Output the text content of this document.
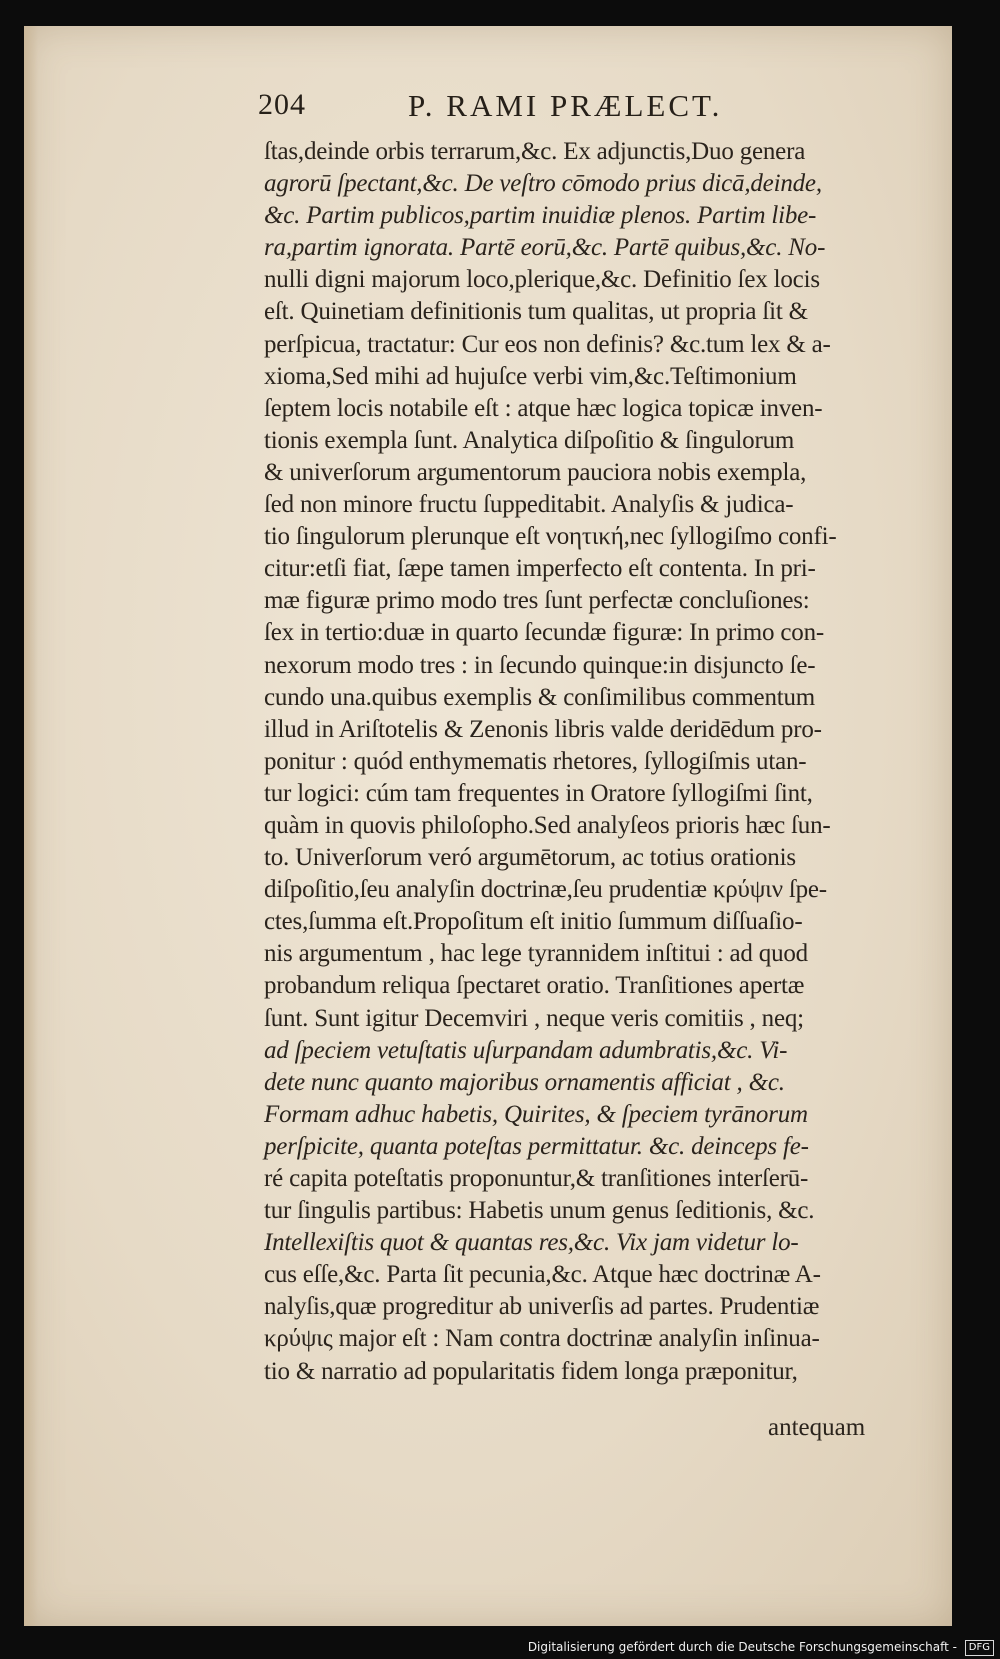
204	P. RAMI PRÆLECT.
ſtas,deinde orbis terrarum,&c. Ex adjunctis,Duo genera
agrorū ſpectant,&c. De veſtro cōmodo prius dicā,deinde,
&c. Partim publicos,partim inuidiæ plenos. Partim libe-
ra,partim ignorata. Partē eorū,&c. Partē quibus,&c. No-
nulli digni majorum loco,plerique,&c. Definitio ſex locis
eſt. Quinetiam definitionis tum qualitas, ut propria ſit &
perſpicua, tractatur: Cur eos non definis? &c.tum lex & a-
xioma,Sed mihi ad hujuſce verbi vim,&c.Teſtimonium
ſeptem locis notabile eſt : atque hæc logica topicæ inven-
tionis exempla ſunt. Analytica diſpoſitio & ſingulorum
& univerſorum argumentorum pauciora nobis exempla,
ſed non minore fructu ſuppeditabit. Analyſis & judica-
tio ſingulorum plerunque eſt νοητική,nec ſyllogiſmo confi-
citur:etſi fiat, ſæpe tamen imperfecto eſt contenta. In pri-
mæ figuræ primo modo tres ſunt perfectæ concluſiones:
ſex in tertio:duæ in quarto ſecundæ figuræ: In primo con-
nexorum modo tres : in ſecundo quinque:in disjuncto ſe-
cundo una.quibus exemplis & conſimilibus commentum
illud in Ariſtotelis & Zenonis libris valde deridēdum pro-
ponitur : quód enthymematis rhetores, ſyllogiſmis utan-
tur logici: cúm tam frequentes in Oratore ſyllogiſmi ſint,
quàm in quovis philoſopho.Sed analyſeos prioris hæc ſun-
to. Univerſorum veró argumētorum, ac totius orationis
diſpoſitio,ſeu analyſin doctrinæ,ſeu prudentiæ κρύψιν ſpe-
ctes,ſumma eſt.Propoſitum eſt initio ſummum diſſuaſio-
nis argumentum , hac lege tyrannidem inſtitui : ad quod
probandum reliqua ſpectaret oratio. Tranſitiones apertæ
ſunt. Sunt igitur Decemviri , neque veris comitiis , neq;
ad ſpeciem vetuſtatis uſurpandam adumbratis,&c. Vi-
dete nunc quanto majoribus ornamentis afficiat , &c.
Formam adhuc habetis, Quirites, & ſpeciem tyrānorum
perſpicite, quanta poteſtas permittatur. &c. deinceps fe-
ré capita poteſtatis proponuntur,& tranſitiones interſerū-
tur ſingulis partibus: Habetis unum genus ſeditionis, &c.
Intellexiſtis quot & quantas res,&c. Vix jam videtur lo-
cus eſſe,&c. Parta ſit pecunia,&c. Atque hæc doctrinæ A-
nalyſis,quæ progreditur ab univerſis ad partes. Prudentiæ
κρύψις major eſt : Nam contra doctrinæ analyſin inſinua-
tio & narratio ad popularitatis fidem longa præponitur,
antequam
Digitalisierung gefördert durch die Deutsche Forschungsgemeinschaft - DFG
